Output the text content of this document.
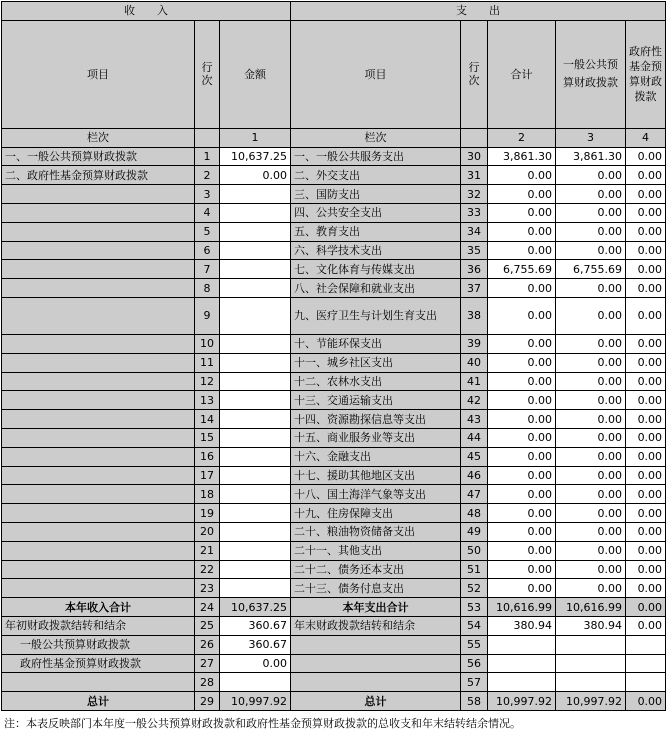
收　　入			支　　出				
项目	行次	金额	项目	行次	合计	一般公共预算财政拨款	政府性基金预算财政拨款
栏次		1	栏次		2	3	4
一、一般公共预算财政拨款	1	10,637.25	一、一般公共服务支出	30	3,861.30	3,861.30	0.00
二、政府性基金预算财政拨款	2	0.00	二、外交支出	31	0.00	0.00	0.00
	3		三、国防支出	32	0.00	0.00	0.00
	4		四、公共安全支出	33	0.00	0.00	0.00
	5		五、教育支出	34	0.00	0.00	0.00
	6		六、科学技术支出	35	0.00	0.00	0.00
	7		七、文化体育与传媒支出	36	6,755.69	6,755.69	0.00
	8		八、社会保障和就业支出	37	0.00	0.00	0.00
	9		九、医疗卫生与计划生育支出	38	0.00	0.00	0.00
	10		十、节能环保支出	39	0.00	0.00	0.00
	11		十一、城乡社区支出	40	0.00	0.00	0.00
	12		十二、农林水支出	41	0.00	0.00	0.00
	13		十三、交通运输支出	42	0.00	0.00	0.00
	14		十四、资源勘探信息等支出	43	0.00	0.00	0.00
	15		十五、商业服务业等支出	44	0.00	0.00	0.00
	16		十六、金融支出	45	0.00	0.00	0.00
	17		十七、援助其他地区支出	46	0.00	0.00	0.00
	18		十八、国土海洋气象等支出	47	0.00	0.00	0.00
	19		十九、住房保障支出	48	0.00	0.00	0.00
	20		二十、粮油物资储备支出	49	0.00	0.00	0.00
	21		二十一、其他支出	50	0.00	0.00	0.00
	22		二十二、债务还本支出	51	0.00	0.00	0.00
	23		二十三、债务付息支出	52	0.00	0.00	0.00
本年收入合计	24	10,637.25	本年支出合计	53	10,616.99	10,616.99	0.00
年初财政拨款结转和结余	25	360.67	年末财政拨款结转和结余	54	380.94	380.94	0.00
一般公共预算财政拨款	26	360.67		55			
政府性基金预算财政拨款	27	0.00		56			
	28			57			
总计	29	10,997.92	总计	58	10,997.92	10,997.92	0.00
注：本表反映部门本年度一般公共预算财政拨款和政府性基金预算财政拨款的总收支和年末结转结余情况。
